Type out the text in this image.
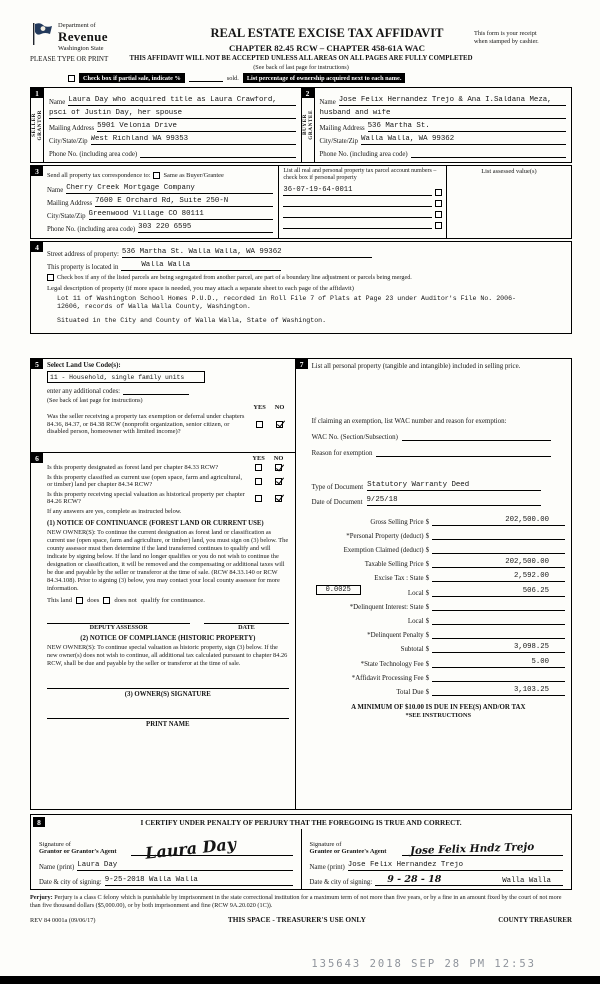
Department of
Revenue
Washington State
REAL ESTATE EXCISE TAX AFFIDAVIT
CHAPTER 82.45 RCW – CHAPTER 458-61A WAC
This form is your receipt
when stamped by cashier.
PLEASE TYPE OR PRINT	THIS AFFIDAVIT WILL NOT BE ACCEPTED UNLESS ALL AREAS ON ALL PAGES ARE FULLY COMPLETED
(See back of last page for instructions)
Check box if partial sale, indicate %	sold.	List percentage of ownership acquired next to each name.
1
SELLER GRANTOR
Name Laura Day who acquired title as Laura Crawford,
psci of Justin Day, her spouse
Mailing Address 5901 Velonia Drive
City/State/Zip West Richland WA 99353
Phone No. (including area code)
2
BUYER GRANTEE
Name Jose Felix Hernandez Trejo & Ana I.Saldana Meza,
husband and wife
Mailing Address 536 Martha St.
City/State/Zip Walla Walla, WA 99362
Phone No. (including area code)
3	Send all property tax correspondence to: Same as Buyer/Grantee
Name Cherry Creek Mortgage Company
Mailing Address 7600 E Orchard Rd, Suite 250-N
City/State/Zip Greenwood Village CO 80111
Phone No. (including area code) 303 220 6595
List all real and personal property tax parcel account numbers – check box if personal property
36-07-19-64-0011
List assessed value(s)
4
Street address of property: 536 Martha St. Walla Walla, WA 99362
This property is located in	Walla Walla
Check box if any of the listed parcels are being segregated from another parcel, are part of a boundary line adjustment or parcels being merged.
Legal description of property (if more space is needed, you may attach a separate sheet to each page of the affidavit)
Lot 11 of Washington School Homes P.U.D., recorded in Roll File 7 of Plats at Page 23 under Auditor's File No. 2006-12606, records of Walla Walla County, Washington.
Situated in the City and County of Walla Walla, State of Washington.
5	Select Land Use Code(s):
11 - Household, single family units
enter any additional codes:
(See back of last page for instructions)
YES	NO
Was the seller receiving a property tax exemption or deferral under chapters 84.36, 84.37, or 84.38 RCW (nonprofit organization, senior citizen, or disabled person, homeowner with limited income)?
6	YES	NO
Is this property designated as forest land per chapter 84.33 RCW?
Is this property classified as current use (open space, farm and agricultural, or timber) land per chapter 84.34 RCW?
Is this property receiving special valuation as historical property per chapter 84.26 RCW?
If any answers are yes, complete as instructed below.
(1) NOTICE OF CONTINUANCE (FOREST LAND OR CURRENT USE)
NEW OWNER(S): To continue the current designation as forest land or classification as current use (open space, farm and agriculture, or timber) land, you must sign on (3) below. The county assessor must then determine if the land transferred continues to qualify and will indicate by signing below. If the land no longer qualifies or you do not wish to continue the designation or classification, it will be removed and the compensating or additional taxes will be due and payable by the seller or transferor at the time of sale. (RCW 84.33.140 or RCW 84.34.108). Prior to signing (3) below, you may contact your local county assessor for more information.
This land does does not qualify for continuance.
DEPUTY ASSESSOR	DATE
(2) NOTICE OF COMPLIANCE (HISTORIC PROPERTY)
NEW OWNER(S): To continue special valuation as historic property, sign (3) below. If the new owner(s) does not wish to continue, all additional tax calculated pursuant to chapter 84.26 RCW, shall be due and payable by the seller or transferor at the time of sale.
(3) OWNER(S) SIGNATURE
PRINT NAME
7	List all personal property (tangible and intangible) included in selling price.
If claiming an exemption, list WAC number and reason for exemption:
WAC No. (Section/Subsection)
Reason for exemption
Type of Document Statutory Warranty Deed
Date of Document 9/25/18
Gross Selling Price $	202,500.00
*Personal Property (deduct) $
Exemption Claimed (deduct) $
Taxable Selling Price $	202,500.00
Excise Tax : State $	2,592.00
0.0025	Local $	506.25
*Delinquent Interest: State $
Local $
*Delinquent Penalty $
Subtotal $	3,098.25
*State Technology Fee $	5.00
*Affidavit Processing Fee $
Total Due $	3,103.25
A MINIMUM OF $10.00 IS DUE IN FEE(S) AND/OR TAX
*SEE INSTRUCTIONS
8	I CERTIFY UNDER PENALTY OF PERJURY THAT THE FOREGOING IS TRUE AND CORRECT.
Signature of
Grantor or Grantor's Agent	Laura Day
Name (print) Laura Day
Date & city of signing: 9-25-2018 Walla Walla
Signature of
Grantee or Grantee's Agent	Jose Felix Hndz Trejo
Name (print) Jose Felix Hernandez Trejo
Date & city of signing:	9 - 28 - 18	Walla Walla
Perjury: Perjury is a class C felony which is punishable by imprisonment in the state correctional institution for a maximum term of not more than five years, or by a fine in an amount fixed by the court of not more than five thousand dollars ($5,000.00), or by both imprisonment and fine (RCW 9A.20.020 (1C)).
REV 84 0001a (09/06/17)	THIS SPACE - TREASURER'S USE ONLY	COUNTY TREASURER
135643 2018 SEP 28 PM 12:53
